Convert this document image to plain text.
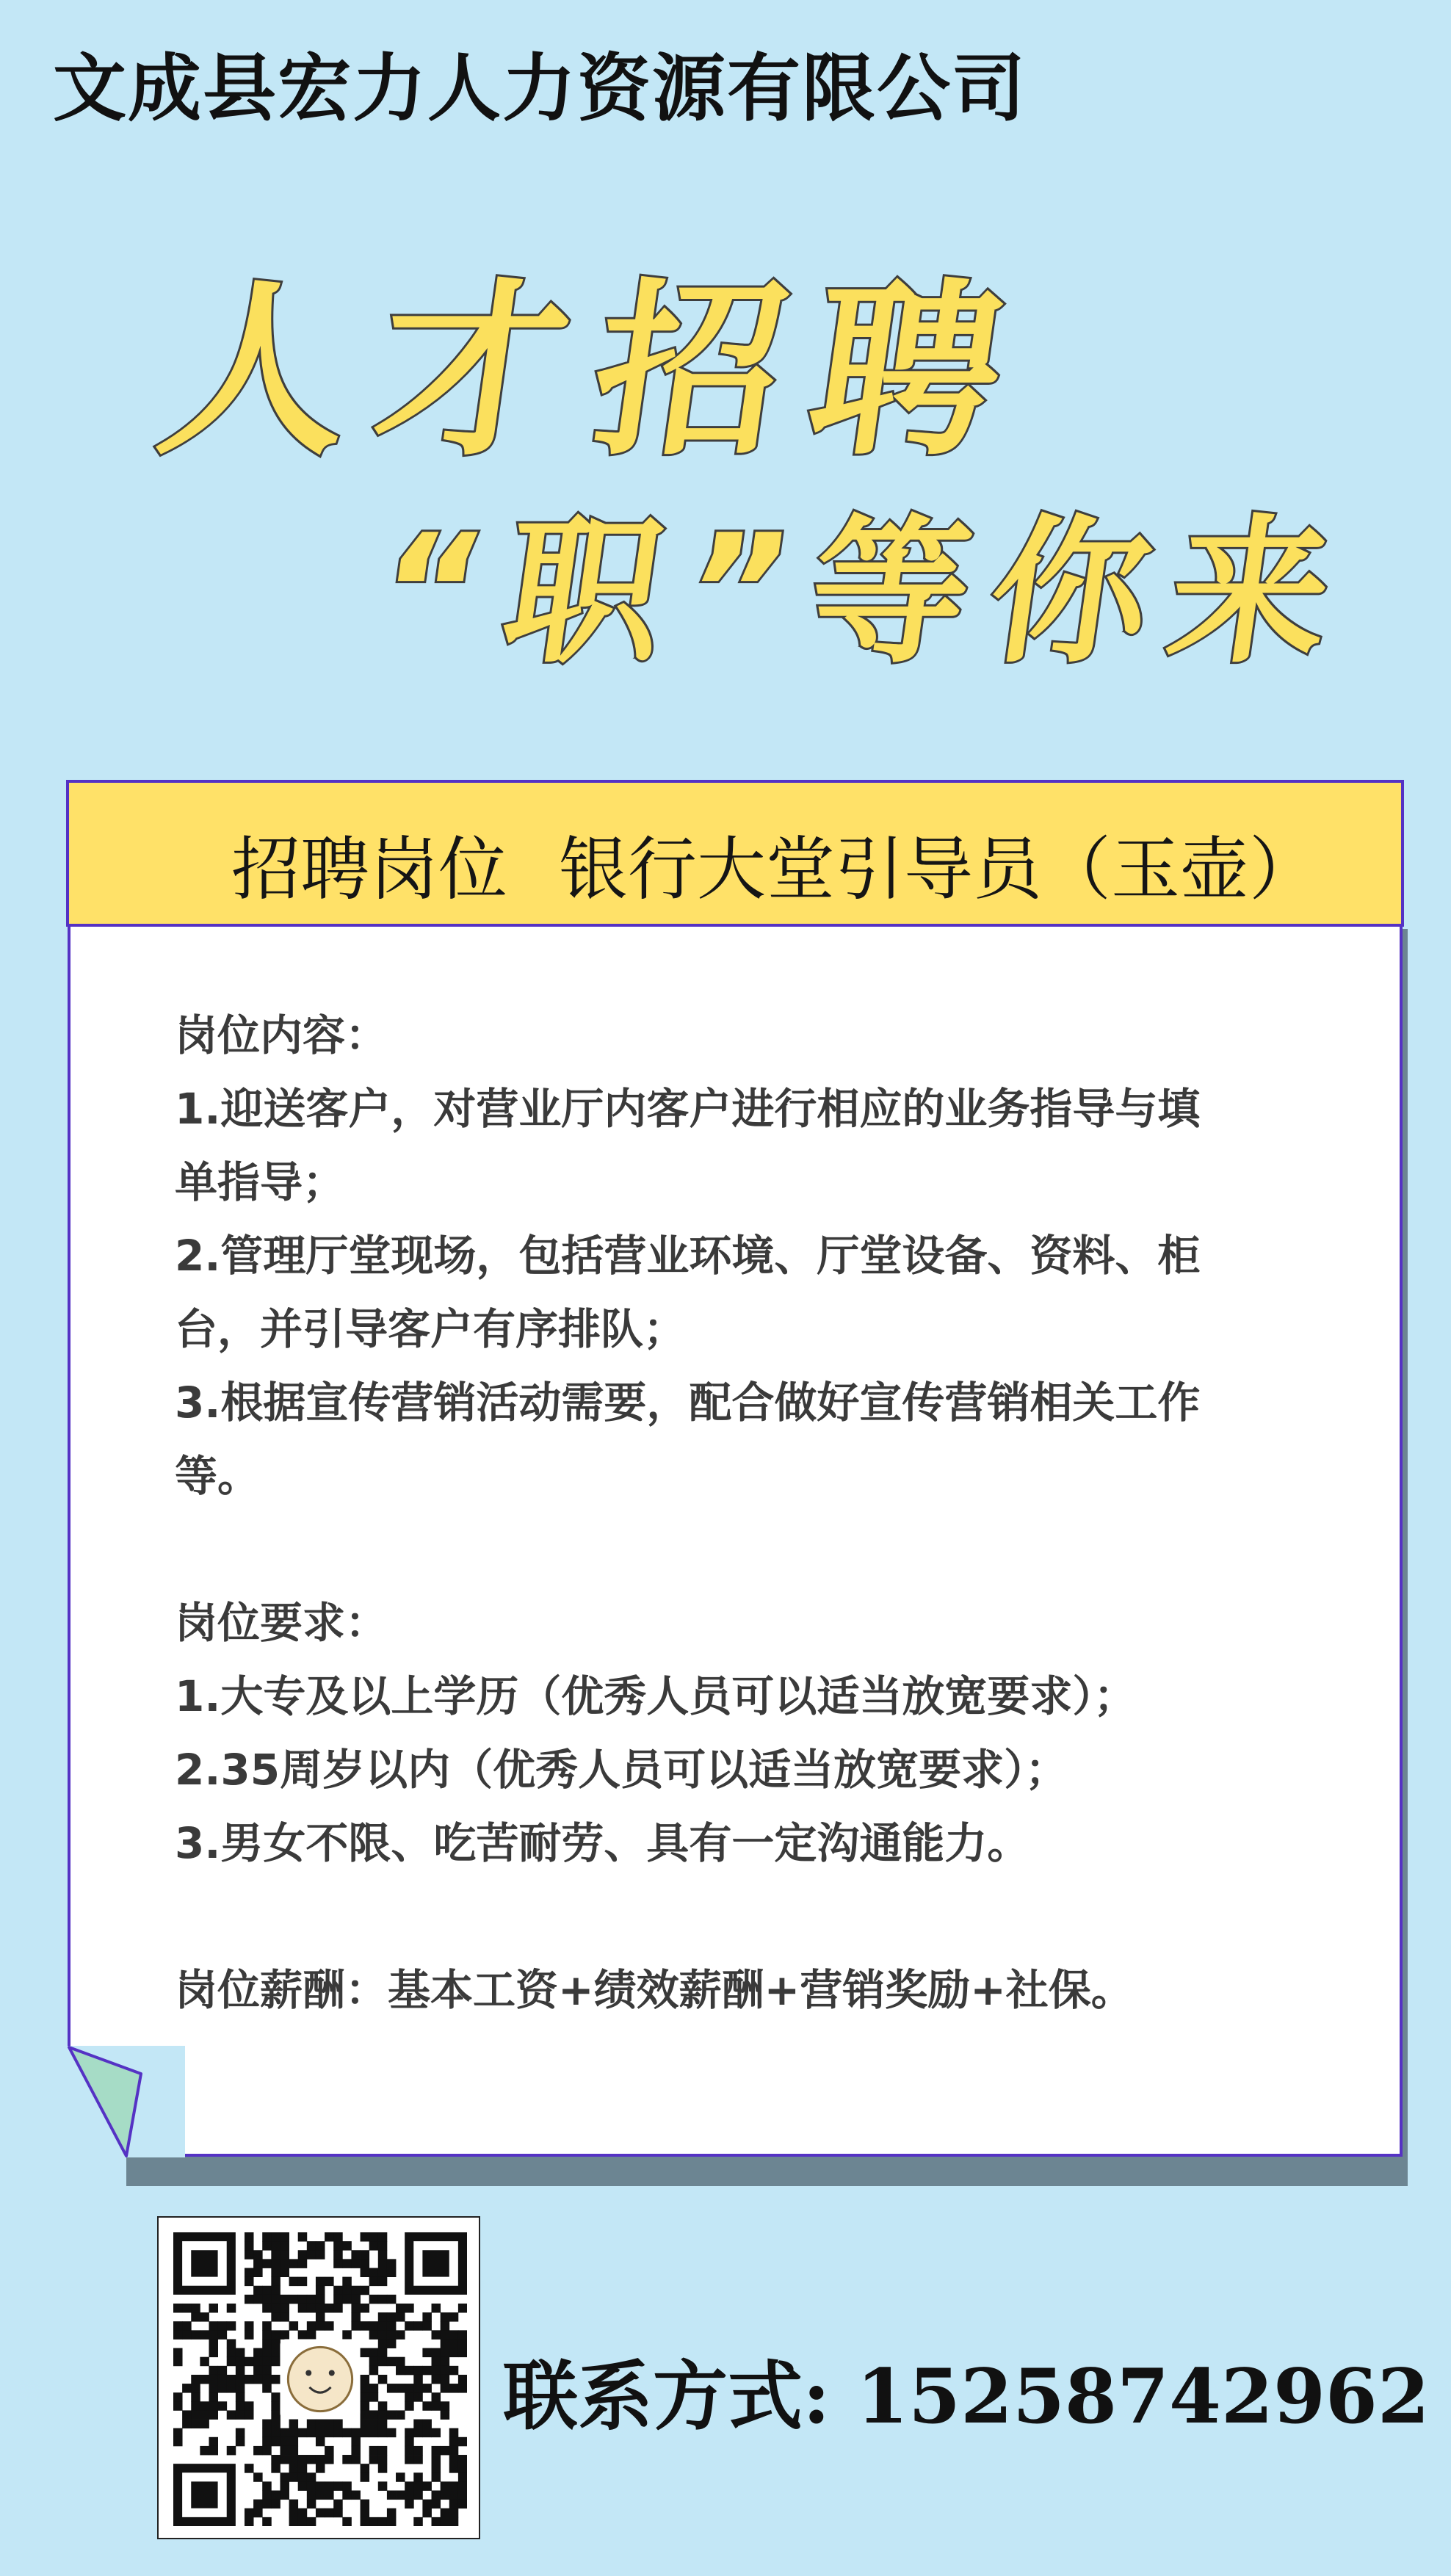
文成县宏力人力资源有限公司
人才招聘
“职”等你来
招聘岗位 银行大堂引导员（玉壶）
岗位内容：
1.迎送客户，对营业厅内客户进行相应的业务指导与填
单指导；
2.管理厅堂现场，包括营业环境、厅堂设备、资料、柜
台，并引导客户有序排队；
3.根据宣传营销活动需要，配合做好宣传营销相关工作
等。
岗位要求：
1.大专及以上学历（优秀人员可以适当放宽要求）；
2.35周岁以内（优秀人员可以适当放宽要求）；
3.男女不限、吃苦耐劳、具有一定沟通能力。
岗位薪酬：基本工资+绩效薪酬+营销奖励+社保。
联系方式: 15258742962
